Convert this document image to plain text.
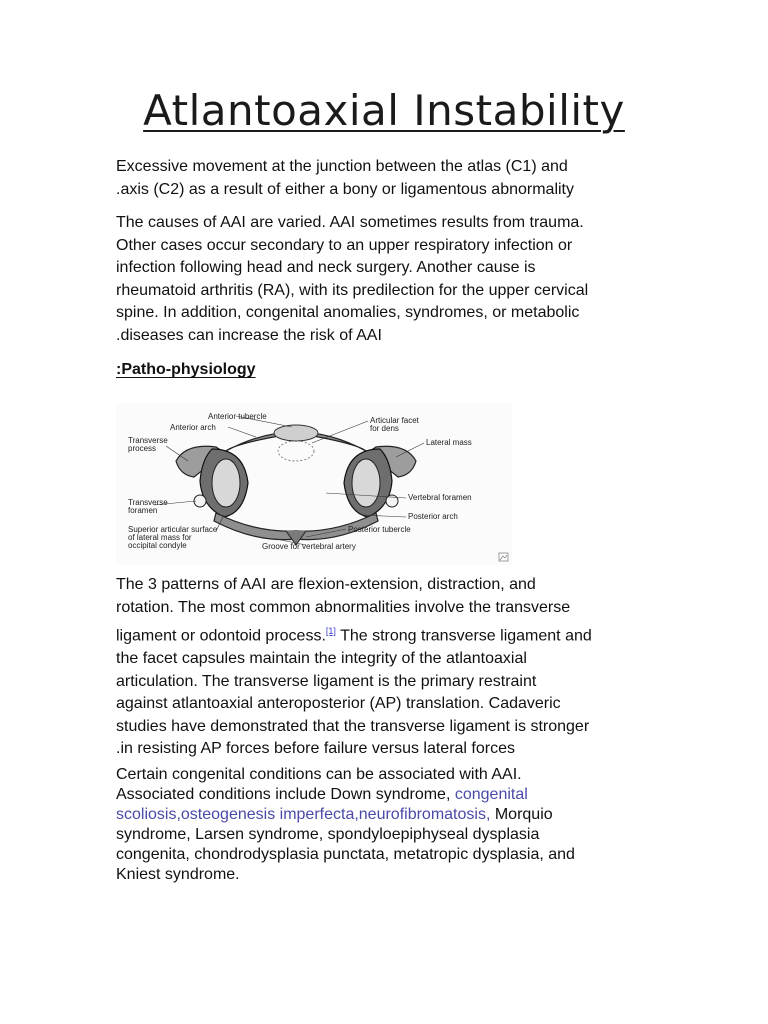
Atlantoaxial Instability

Excessive movement at the junction between the atlas (C1) and
.axis (C2) as a result of either a bony or ligamentous abnormality

The causes of AAI are varied. AAI sometimes results from trauma.
Other cases occur secondary to an upper respiratory infection or
infection following head and neck surgery. Another cause is
rheumatoid arthritis (RA), with its predilection for the upper cervical
spine. In addition, congenital anomalies, syndromes, or metabolic
.diseases can increase the risk of AAI

:Patho-physiology

Anterior tubercle
Anterior arch
Articular facet
for dens
Transverse
process
Lateral mass
Vertebral foramen
Transverse
foramen
Posterior arch
Superior articular surface
of lateral mass for
occipital condyle
Posterior tubercle
Groove for vertebral artery

The 3 patterns of AAI are flexion-extension, distraction, and
rotation. The most common abnormalities involve the transverse
ligament or odontoid process.[1] The strong transverse ligament and
the facet capsules maintain the integrity of the atlantoaxial
articulation. The transverse ligament is the primary restraint
against atlantoaxial anteroposterior (AP) translation. Cadaveric
studies have demonstrated that the transverse ligament is stronger
.in resisting AP forces before failure versus lateral forces

Certain congenital conditions can be associated with AAI.
Associated conditions include Down syndrome, congenital
scoliosis,osteogenesis imperfecta,neurofibromatosis, Morquio
syndrome, Larsen syndrome, spondyloepiphyseal dysplasia
congenita, chondrodysplasia punctata, metatropic dysplasia, and
Kniest syndrome.
